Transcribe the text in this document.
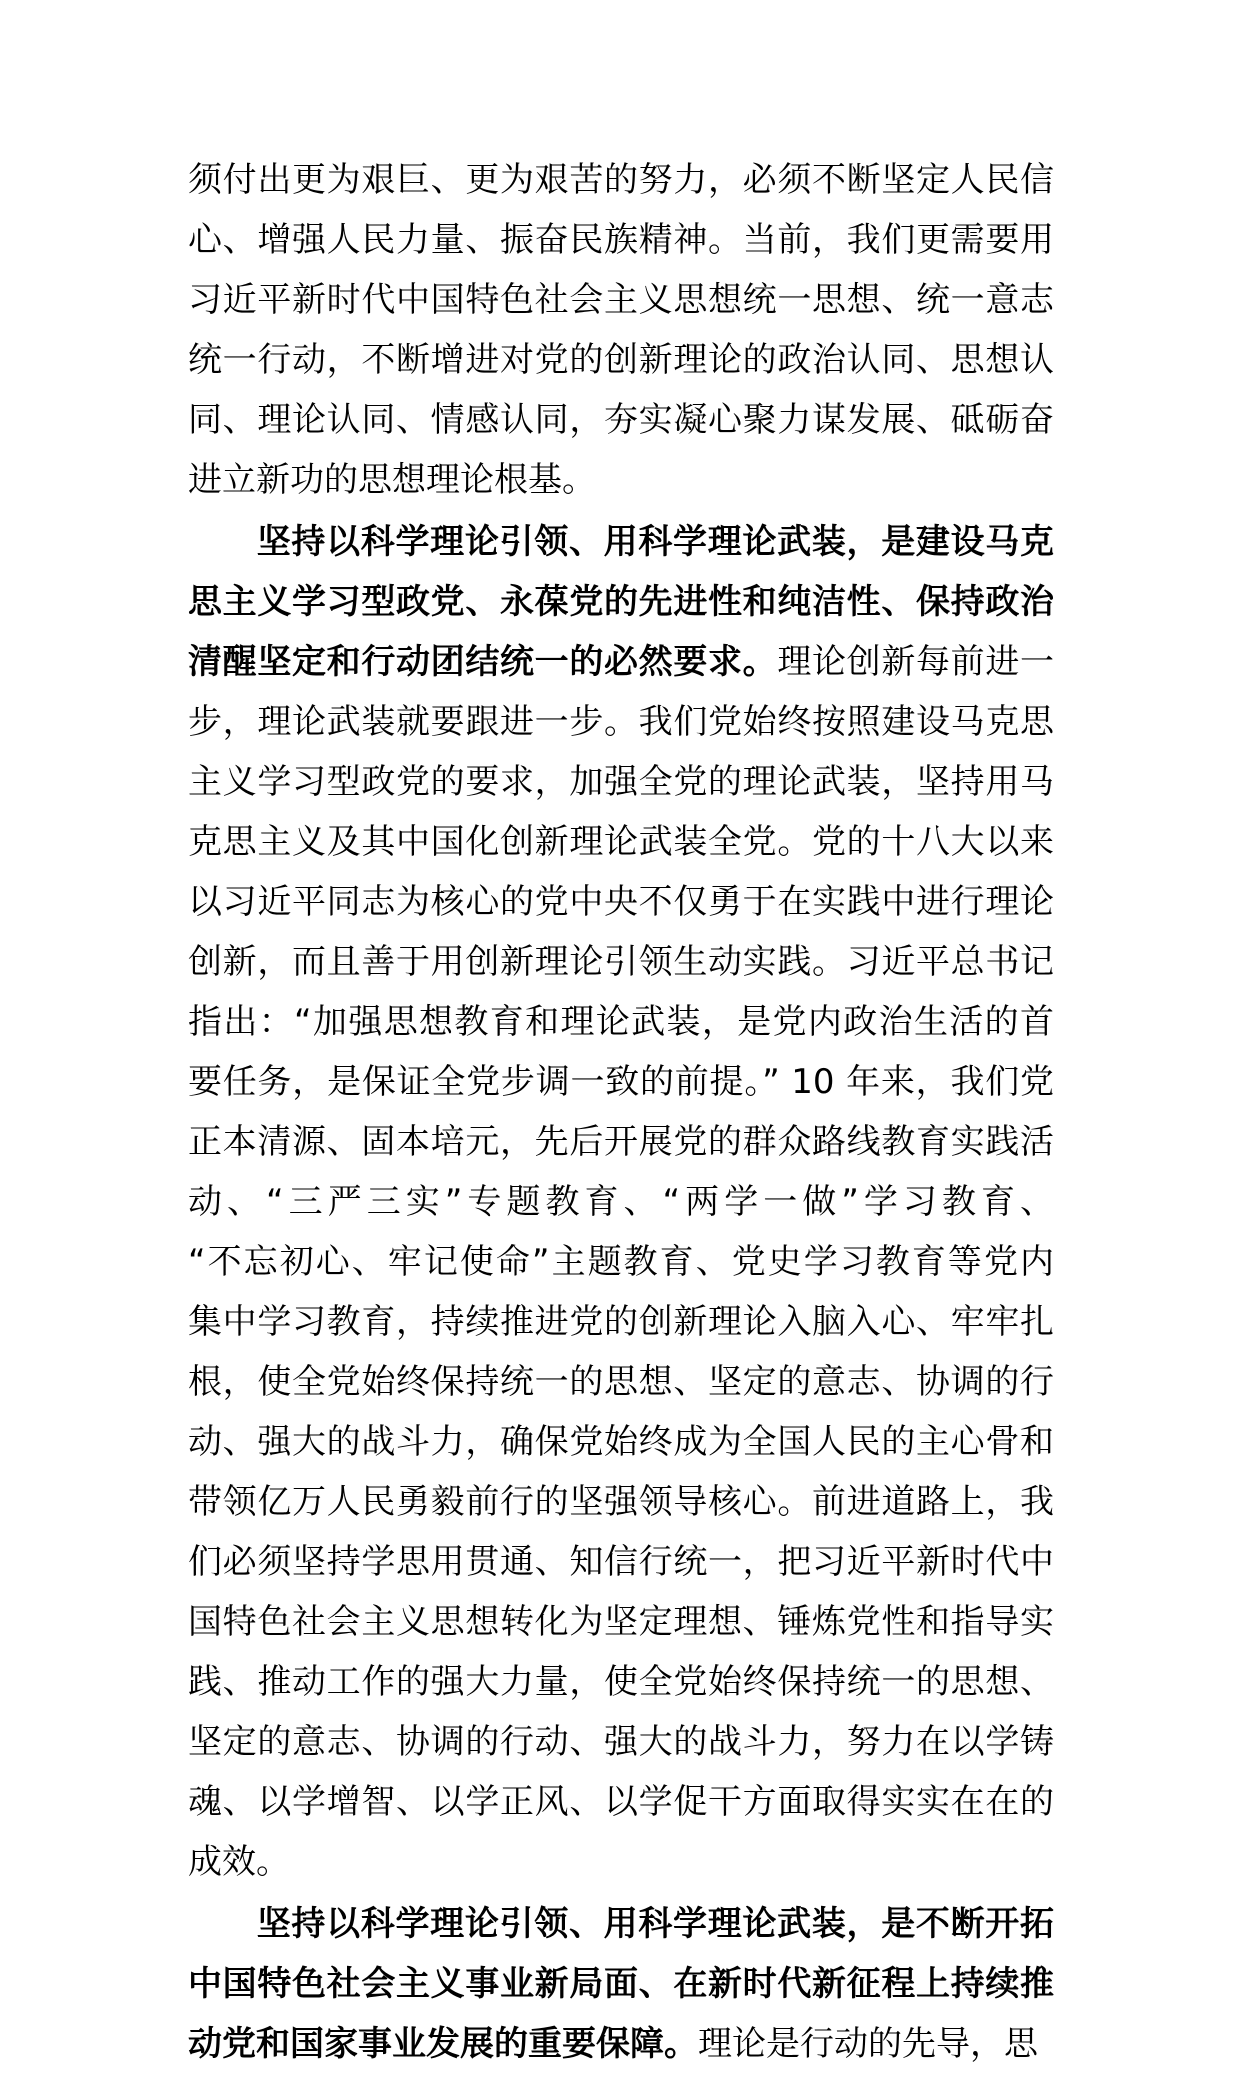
须付出更为艰巨、更为艰苦的努力，必须不断坚定人民信
心、增强人民力量、振奋民族精神。当前，我们更需要用
习近平新时代中国特色社会主义思想统一思想、统一意志
统一行动，不断增进对党的创新理论的政治认同、思想认
同、理论认同、情感认同，夯实凝心聚力谋发展、砥砺奋
进立新功的思想理论根基。
坚持以科学理论引领、用科学理论武装，是建设马克
思主义学习型政党、永葆党的先进性和纯洁性、保持政治
清醒坚定和行动团结统一的必然要求。理论创新每前进一
步，理论武装就要跟进一步。我们党始终按照建设马克思
主义学习型政党的要求，加强全党的理论武装，坚持用马
克思主义及其中国化创新理论武装全党。党的十八大以来
以习近平同志为核心的党中央不仅勇于在实践中进行理论
创新，而且善于用创新理论引领生动实践。习近平总书记
指出：“加强思想教育和理论武装，是党内政治生活的首
要任务，是保证全党步调一致的前提。” 10 年来，我们党
正本清源、固本培元，先后开展党的群众路线教育实践活
动、“三严三实”专题教育、“两学一做”学习教育、
“不忘初心、牢记使命”主题教育、党史学习教育等党内
集中学习教育，持续推进党的创新理论入脑入心、牢牢扎
根，使全党始终保持统一的思想、坚定的意志、协调的行
动、强大的战斗力，确保党始终成为全国人民的主心骨和
带领亿万人民勇毅前行的坚强领导核心。前进道路上，我
们必须坚持学思用贯通、知信行统一，把习近平新时代中
国特色社会主义思想转化为坚定理想、锤炼党性和指导实
践、推动工作的强大力量，使全党始终保持统一的思想、
坚定的意志、协调的行动、强大的战斗力，努力在以学铸
魂、以学增智、以学正风、以学促干方面取得实实在在的
成效。
坚持以科学理论引领、用科学理论武装，是不断开拓
中国特色社会主义事业新局面、在新时代新征程上持续推
动党和国家事业发展的重要保障。理论是行动的先导，思
